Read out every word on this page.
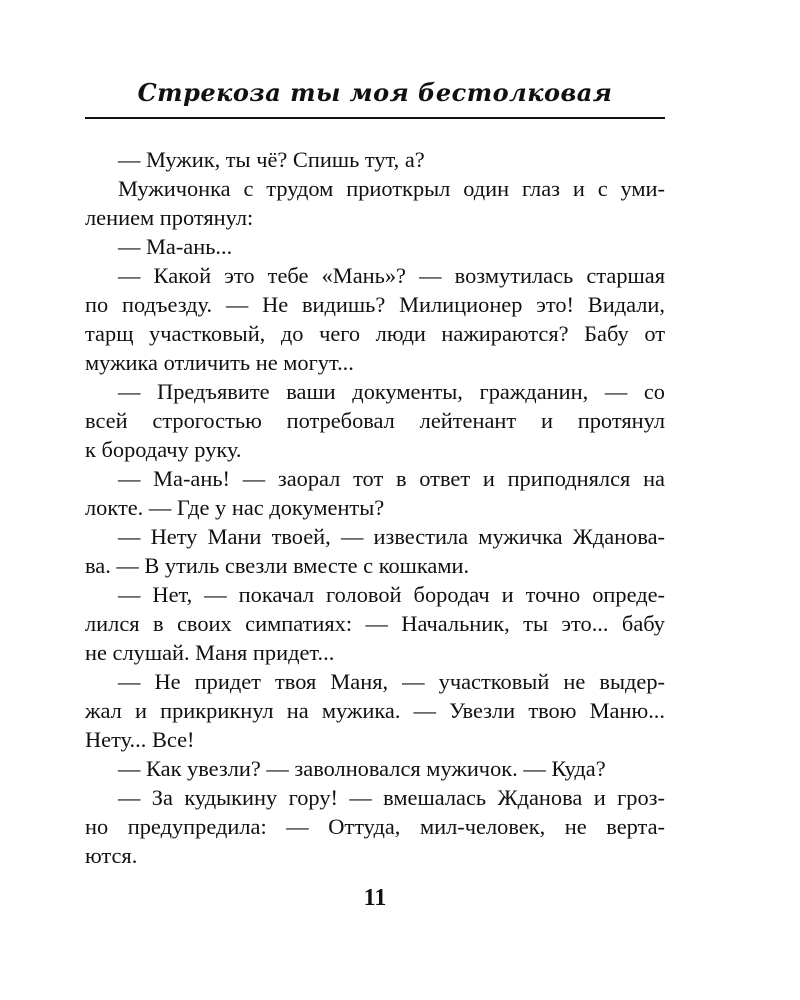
Стрекоза ты моя бестолковая
— Мужик, ты чё? Спишь тут, а?
Мужичонка с трудом приоткрыл один глаз и с уми-
лением протянул:
— Ма-ань...
— Какой это тебе «Мань»? — возмутилась старшая
по подъезду. — Не видишь? Милиционер это! Видали,
тарщ участковый, до чего люди нажираются? Бабу от
мужика отличить не могут...
— Предъявите ваши документы, гражданин, — со
всей строгостью потребовал лейтенант и протянул
к бородачу руку.
— Ма-ань! — заорал тот в ответ и приподнялся на
локте. — Где у нас документы?
— Нету Мани твоей, — известила мужичка Жданова-
ва. — В утиль свезли вместе с кошками.
— Нет, — покачал головой бородач и точно опреде-
лился в своих симпатиях: — Начальник, ты это... бабу
не слушай. Маня придет...
— Не придет твоя Маня, — участковый не выдер-
жал и прикрикнул на мужика. — Увезли твою Маню...
Нету... Все!
— Как увезли? — заволновался мужичок. — Куда?
— За кудыкину гору! — вмешалась Жданова и гроз-
но предупредила: — Оттуда, мил-человек, не верта-
ются.
11
